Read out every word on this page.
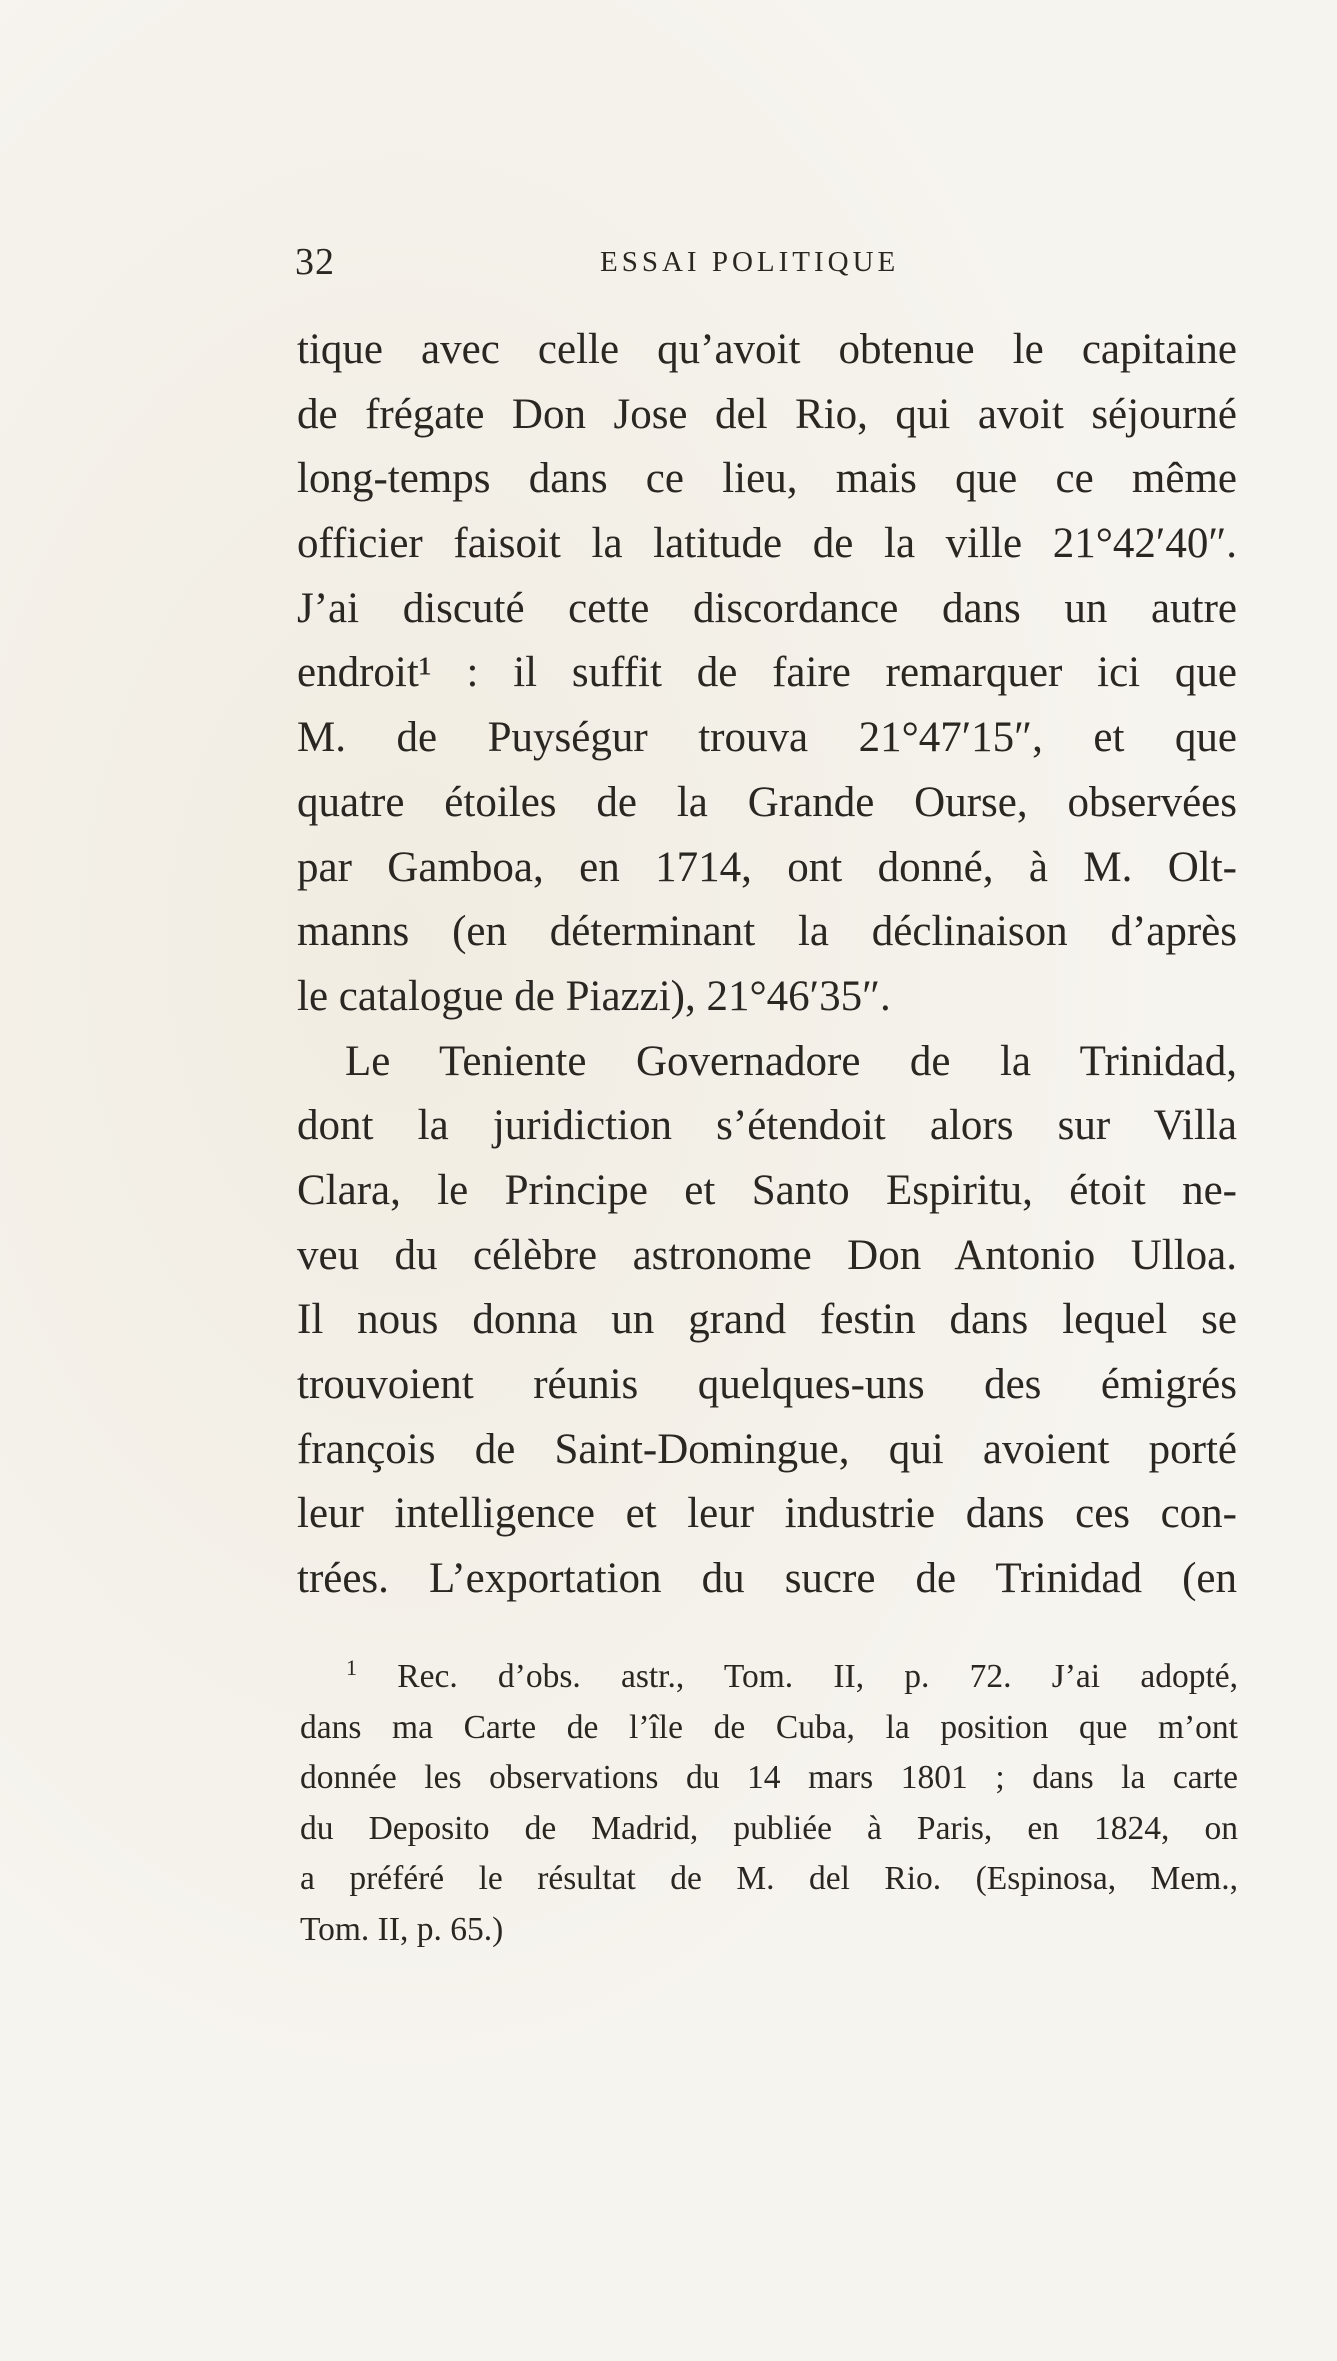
32	ESSAI POLITIQUE
tique avec celle qu’avoit obtenue le capitaine
de frégate Don Jose del Rio, qui avoit séjourné
long-temps dans ce lieu, mais que ce même
officier faisoit la latitude de la ville 21°42′40″.
J’ai discuté cette discordance dans un autre
endroit¹ : il suffit de faire remarquer ici que
M. de Puységur trouva 21°47′15″, et que
quatre étoiles de la Grande Ourse, observées
par Gamboa, en 1714, ont donné, à M. Olt-
manns (en déterminant la déclinaison d’après
le catalogue de Piazzi), 21°46′35″.
Le Teniente Governadore de la Trinidad,
dont la juridiction s’étendoit alors sur Villa
Clara, le Principe et Santo Espiritu, étoit ne-
veu du célèbre astronome Don Antonio Ulloa.
Il nous donna un grand festin dans lequel se
trouvoient réunis quelques-uns des émigrés
françois de Saint-Domingue, qui avoient porté
leur intelligence et leur industrie dans ces con-
trées. L’exportation du sucre de Trinidad (en
$^1$ Rec. d’obs. astr., Tom. II, p. 72. J’ai adopté,
dans ma Carte de l’île de Cuba, la position que m’ont
donnée les observations du 14 mars 1801 ; dans la carte
du Deposito de Madrid, publiée à Paris, en 1824, on
a préféré le résultat de M. del Rio. (Espinosa, Mem.,
Tom. II, p. 65.)
